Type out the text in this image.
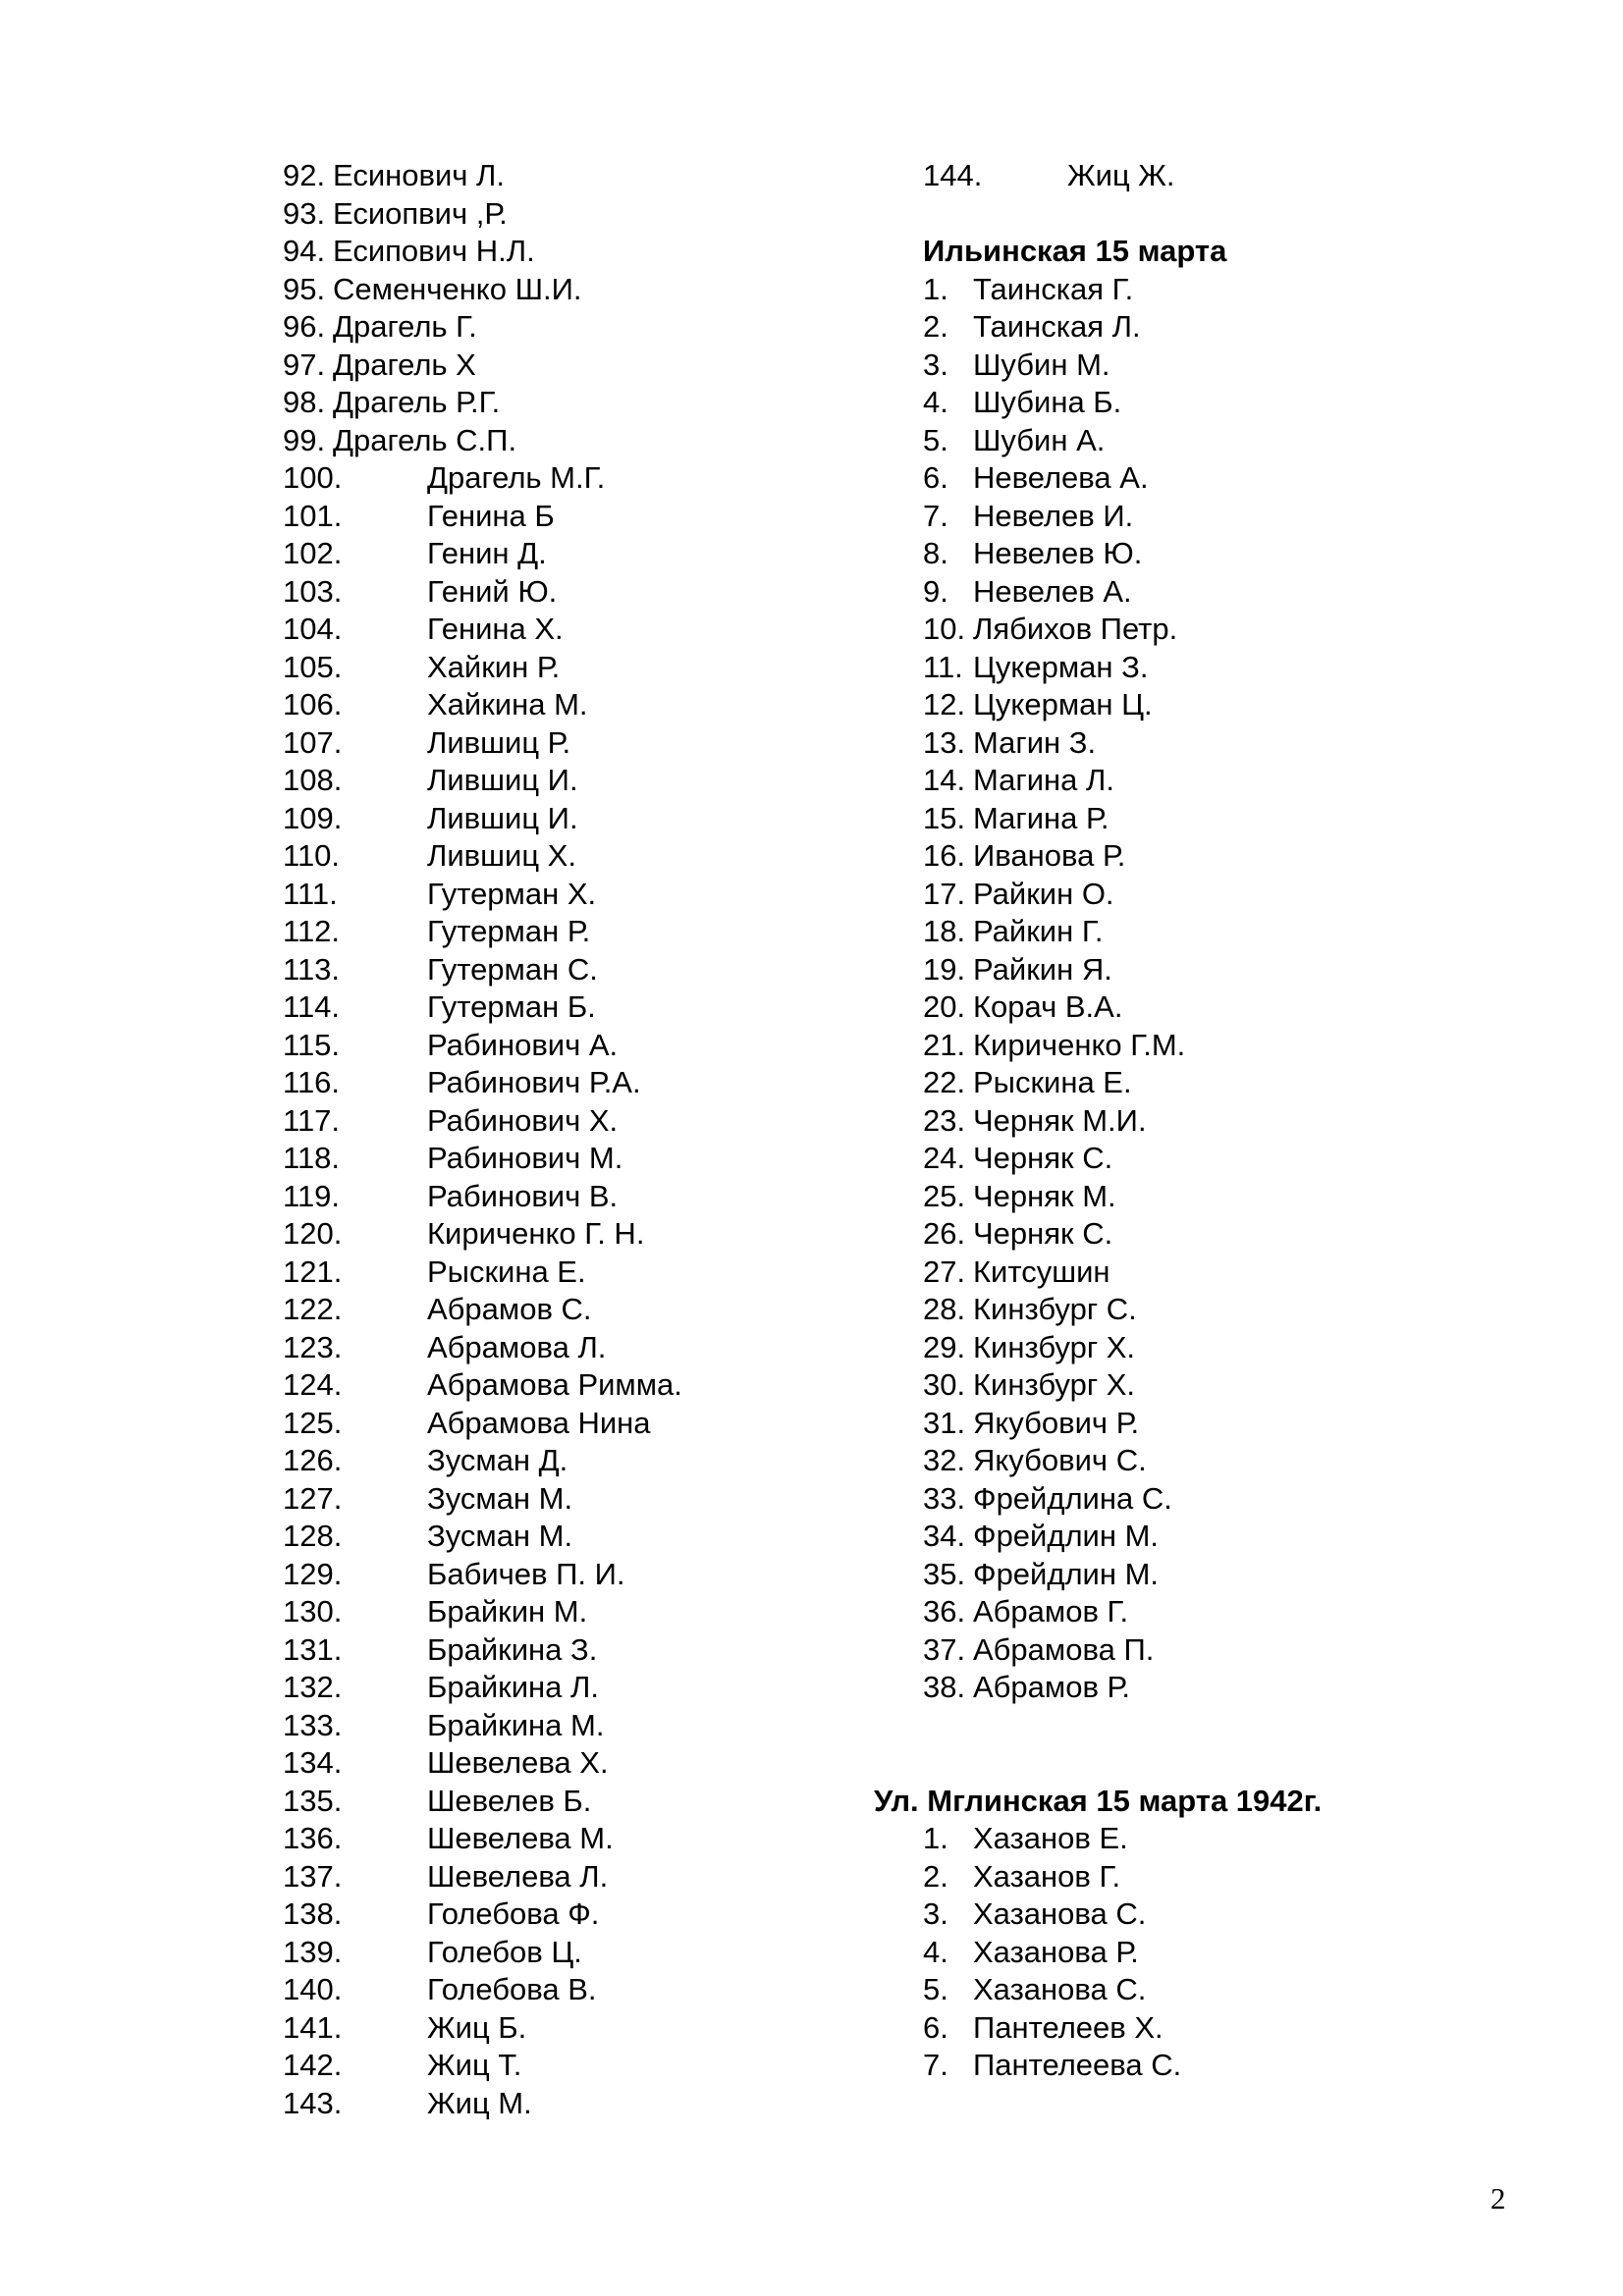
92. Есинович Л.
93. Есиопвич ,Р.
94. Есипович Н.Л.
95. Семенченко Ш.И.
96. Драгель Г.
97. Драгель Х
98. Драгель Р.Г.
99. Драгель С.П.
100.	Драгель М.Г.
101.	Генина Б
102.	Генин Д.
103.	Гений Ю.
104.	Генина Х.
105.	Хайкин Р.
106.	Хайкина М.
107.	Лившиц Р.
108.	Лившиц И.
109.	Лившиц И.
110.	Лившиц Х.
111.	Гутерман Х.
112.	Гутерман Р.
113.	Гутерман С.
114.	Гутерман Б.
115.	Рабинович А.
116.	Рабинович Р.А.
117.	Рабинович Х.
118.	Рабинович М.
119.	Рабинович В.
120.	Кириченко Г. Н.
121.	Рыскина Е.
122.	Абрамов С.
123.	Абрамова Л.
124.	Абрамова Римма.
125.	Абрамова Нина
126.	Зусман Д.
127.	Зусман М.
128.	Зусман М.
129.	Бабичев П. И.
130.	Брайкин М.
131.	Брайкина З.
132.	Брайкина Л.
133.	Брайкина М.
134.	Шевелева Х.
135.	Шевелев Б.
136.	Шевелева М.
137.	Шевелева Л.
138.	Голебова Ф.
139.	Голебов Ц.
140.	Голебова В.
141.	Жиц Б.
142.	Жиц Т.
143.	Жиц М.
144.	Жиц Ж.
Ильинская 15 марта
1. Таинская Г.
2. Таинская Л.
3. Шубин М.
4. Шубина Б.
5. Шубин А.
6. Невелева А.
7. Невелев И.
8. Невелев Ю.
9. Невелев А.
10. Лябихов Петр.
11. Цукерман З.
12. Цукерман Ц.
13. Магин З.
14. Магина Л.
15. Магина Р.
16. Иванова Р.
17. Райкин О.
18. Райкин Г.
19. Райкин Я.
20. Корач В.А.
21. Кириченко Г.М.
22. Рыскина Е.
23. Черняк М.И.
24. Черняк С.
25. Черняк М.
26. Черняк С.
27. Китсушин
28. Кинзбург С.
29. Кинзбург Х.
30. Кинзбург Х.
31. Якубович Р.
32. Якубович С.
33. Фрейдлина С.
34. Фрейдлин М.
35. Фрейдлин М.
36. Абрамов Г.
37. Абрамова П.
38. Абрамов Р.
Ул. Мглинская 15 марта 1942г.
1. Хазанов Е.
2. Хазанов Г.
3. Хазанова С.
4. Хазанова Р.
5. Хазанова С.
6. Пантелеев Х.
7. Пантелеева С.
2
